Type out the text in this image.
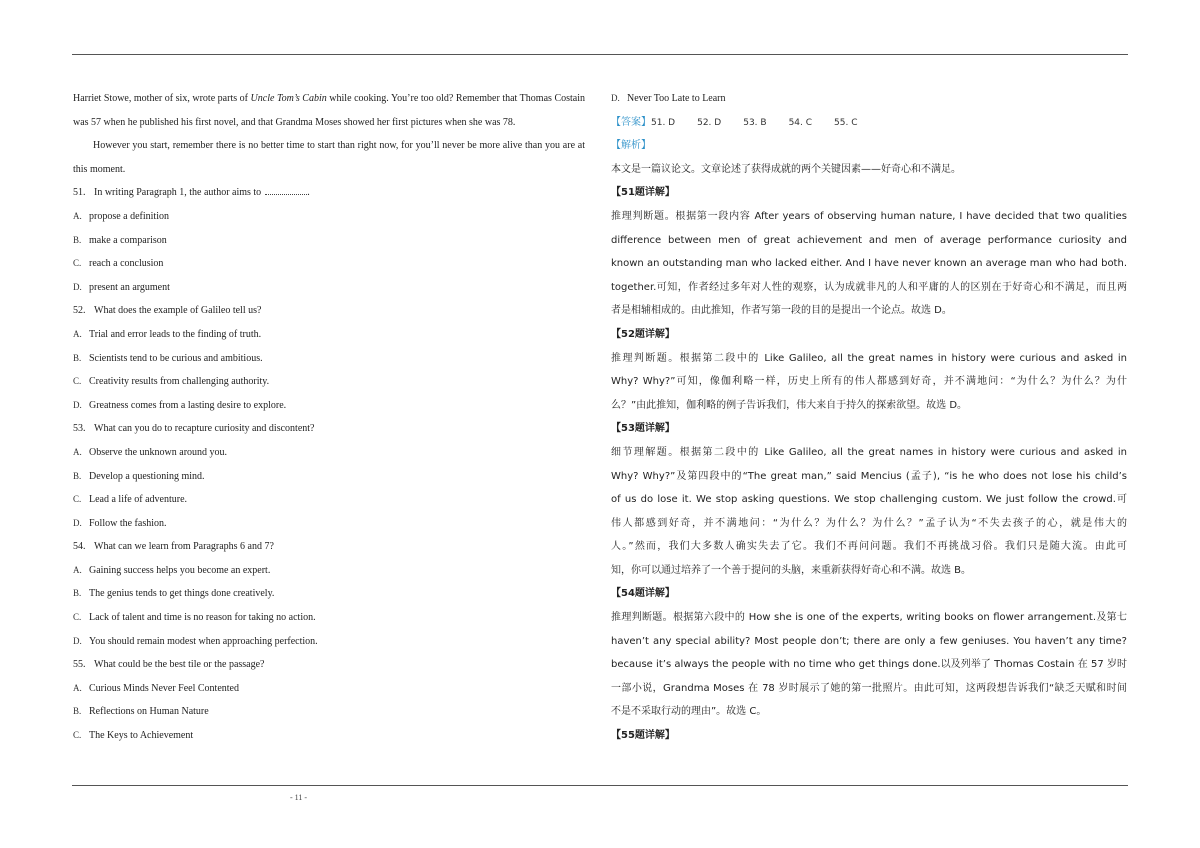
Harriet Stowe, mother of six, wrote parts of Uncle Tom’s Cabin while cooking. You’re too old? Remember that Thomas Costain was 57 when he published his first novel, and that Grandma Moses showed her first pictures when she was 78.
However you start, remember there is no better time to start than right now, for you’ll never be more alive than you are at this moment.
51. In writing Paragraph 1, the author aims to	.
A. propose a definition
B. make a comparison
C. reach a conclusion
D. present an argument
52. What does the example of Galileo tell us?
A. Trial and error leads to the finding of truth.
B. Scientists tend to be curious and ambitious.
C. Creativity results from challenging authority.
D. Greatness comes from a lasting desire to explore.
53. What can you do to recapture curiosity and discontent?
A. Observe the unknown around you.
B. Develop a questioning mind.
C. Lead a life of adventure.
D. Follow the fashion.
54. What can we learn from Paragraphs 6 and 7?
A. Gaining success helps you become an expert.
B. The genius tends to get things done creatively.
C. Lack of talent and time is no reason for taking no action.
D. You should remain modest when approaching perfection.
55. What could be the best tile or the passage?
A. Curious Minds Never Feel Contented
B. Reflections on Human Nature
C. The Keys to Achievement
D. Never Too Late to Learn
【答案】51. D 52. D 53. B 54. C 55. C
【解析】
本文是一篇议论文。文章论述了获得成就的两个关键因素——好奇心和不满足。
【51题详解】
推理判断题。根据第一段内容 After years of observing human nature, I have decided that two qualities
difference between men of great achievement and men of average performance curiosity and
known an outstanding man who lacked either. And I have never known an average man who had both.
together.可知，作者经过多年对人性的观察，认为成就非凡的人和平庸的人的区别在于好奇心和不满足，而且两
者是相辅相成的。由此推知，作者写第一段的目的是提出一个论点。故选 D。
【52题详解】
推理判断题。根据第二段中的 Like Galileo, all the great names in history were curious and asked in
Why? Why?”可知，像伽利略一样，历史上所有的伟人都感到好奇，并不满地问：“为什么？为什么？为什
么？”由此推知，伽利略的例子告诉我们，伟大来自于持久的探索欲望。故选 D。
【53题详解】
细节理解题。根据第二段中的 Like Galileo, all the great names in history were curious and asked in
Why? Why?”及第四段中的“The great man,” said Mencius (孟子), “is he who does not lose his child’s
of us do lose it. We stop asking questions. We stop challenging custom. We just follow the crowd.可
伟人都感到好奇，并不满地问：“为什么？为什么？为什么？”孟子认为“不失去孩子的心，就是伟大的
人。”然而，我们大多数人确实失去了它。我们不再问问题。我们不再挑战习俗。我们只是随大流。由此可
知，你可以通过培养了一个善于提问的头脑，来重新获得好奇心和不满。故选 B。
【54题详解】
推理判断题。根据第六段中的 How she is one of the experts, writing books on flower arrangement.及第七
haven’t any special ability? Most people don’t; there are only a few geniuses. You haven’t any time?
because it’s always the people with no time who get things done.以及列举了 Thomas Costain 在 57 岁时
一部小说，Grandma Moses 在 78 岁时展示了她的第一批照片。由此可知，这两段想告诉我们“缺乏天赋和时间
不是不采取行动的理由”。故选 C。
【55题详解】
- 11 -
